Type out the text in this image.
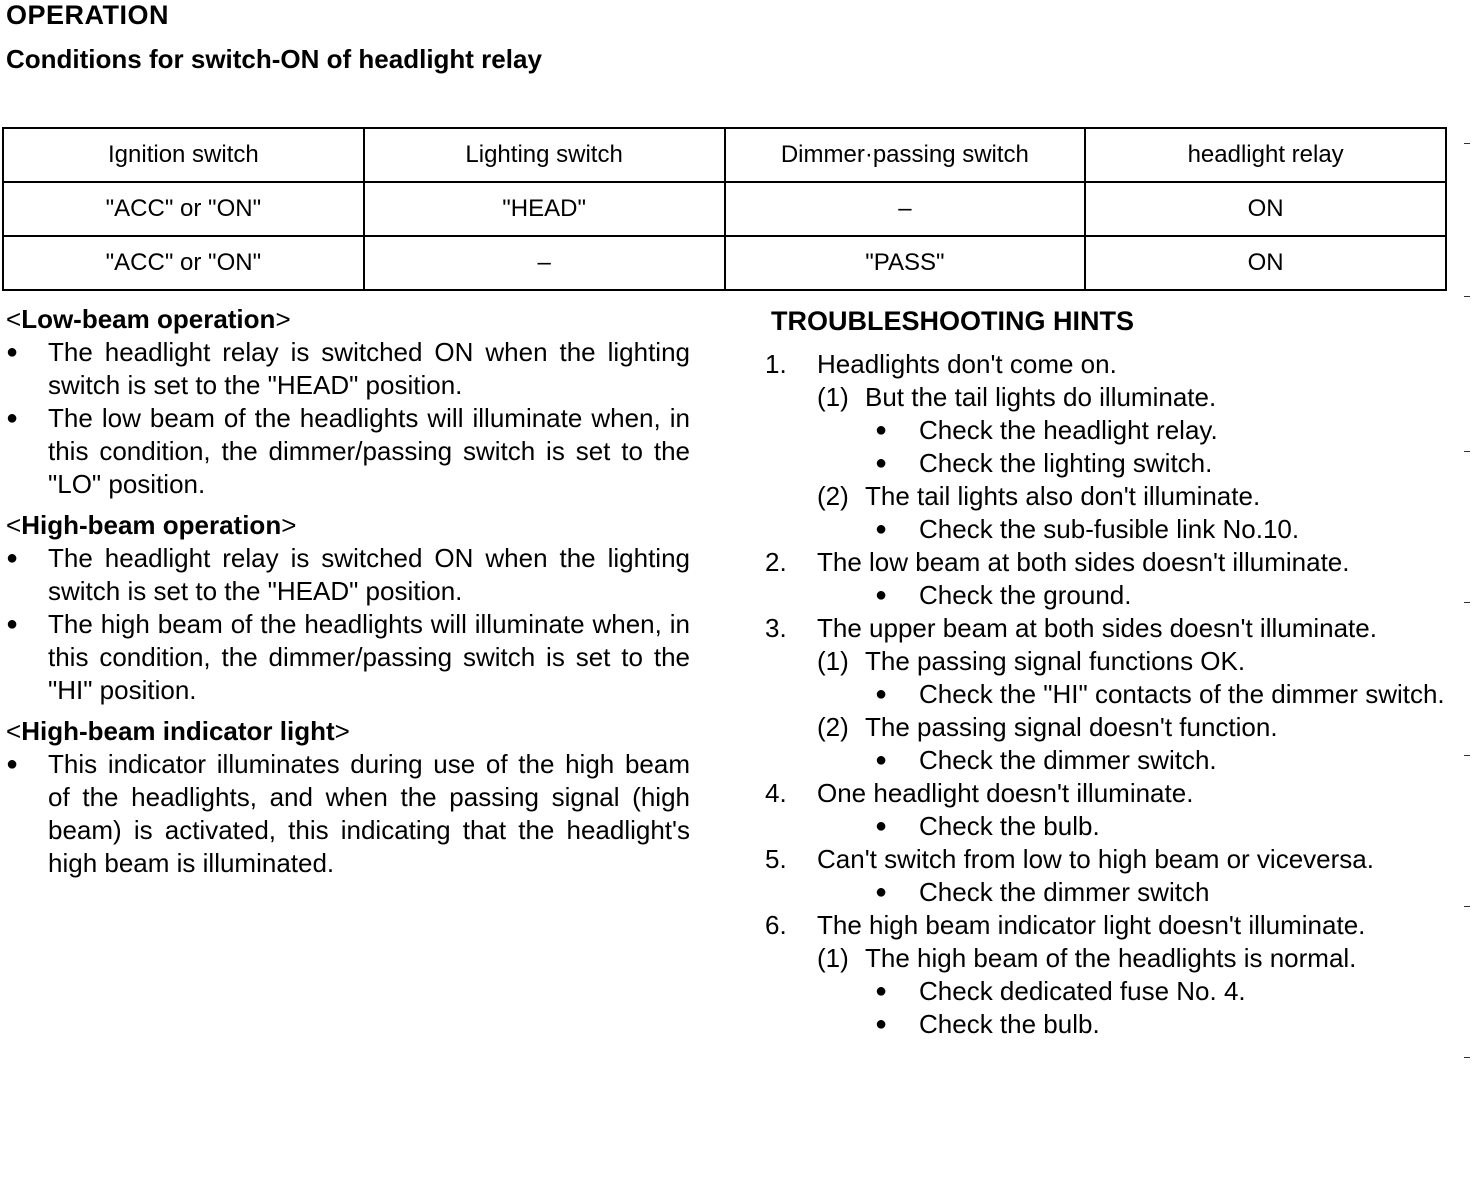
OPERATION
Conditions for switch-ON of headlight relay
Ignition switch	Lighting switch	Dimmer·passing switch	headlight relay
"ACC" or "ON"	"HEAD"	–	ON
"ACC" or "ON"	–	"PASS"	ON

<Low-beam operation>

●	The headlight relay is switched ON when the lighting switch is set to the "HEAD" position.
●	The low beam of the headlights will illuminate when, in this condition, the dimmer/passing switch is set to the "LO" position.

<High-beam operation>

●	The headlight relay is switched ON when the lighting switch is set to the "HEAD" position.
●	The high beam of the headlights will illuminate when, in this condition, the dimmer/passing switch is set to the "HI" position.

<High-beam indicator light>

●	This indicator illuminates during use of the high beam of the headlights, and when the passing signal (high beam) is activated, this indicating that the headlight's high beam is illuminated.

TROUBLESHOOTING HINTS

1.	Headlights don't come on.
(1) But the tail lights do illuminate.
●	Check the headlight relay.
●	Check the lighting switch.
(2) The tail lights also don't illuminate.
●	Check the sub-fusible link No.10.
2.	The low beam at both sides doesn't illuminate.
●	Check the ground.
3.	The upper beam at both sides doesn't illuminate.
(1) The passing signal functions OK.
●	Check the "HI" contacts of the dimmer switch.
(2) The passing signal doesn't function.
●	Check the dimmer switch.
4.	One headlight doesn't illuminate.
●	Check the bulb.
5.	Can't switch from low to high beam or viceversa.
●	Check the dimmer switch
6.	The high beam indicator light doesn't illuminate.
(1) The high beam of the headlights is normal.
●	Check dedicated fuse No. 4.
●	Check the bulb.
